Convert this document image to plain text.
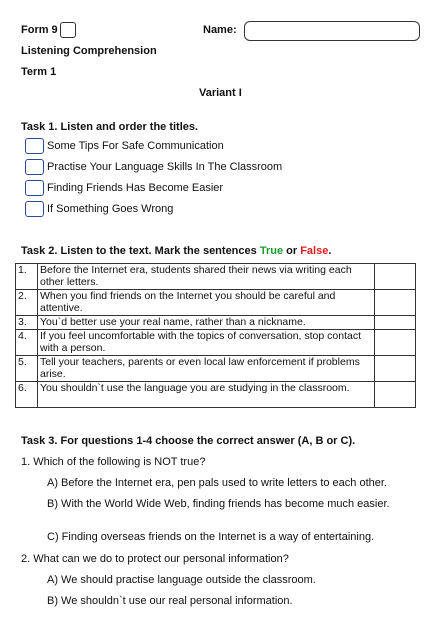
Form 9	Name:
Listening Comprehension
Term 1
Variant I
Task 1. Listen and order the titles.
Some Tips For Safe Communication
Practise Your Language Skills In The Classroom
Finding Friends Has Become Easier
If Something Goes Wrong
Task 2. Listen to the text. Mark the sentences True or False.
1.	Before the Internet era, students shared their news via writing each other letters.	
2.	When you find friends on the Internet you should be careful and attentive.	
3.	You`d better use your real name, rather than a nickname.	
4.	If you feel uncomfortable with the topics of conversation, stop contact with a person.	
5.	Tell your teachers, parents or even local law enforcement if problems arise.	
6.	You shouldn`t use the language you are studying in the classroom.	
Task 3. For questions 1-4 choose the correct answer (A, B or C).
1. Which of the following is NOT true?
A) Before the Internet era, pen pals used to write letters to each other.
B) With the World Wide Web, finding friends has become much easier.
C) Finding overseas friends on the Internet is a way of entertaining.
2. What can we do to protect our personal information?
A) We should practise language outside the classroom.
B) We shouldn`t use our real personal information.
